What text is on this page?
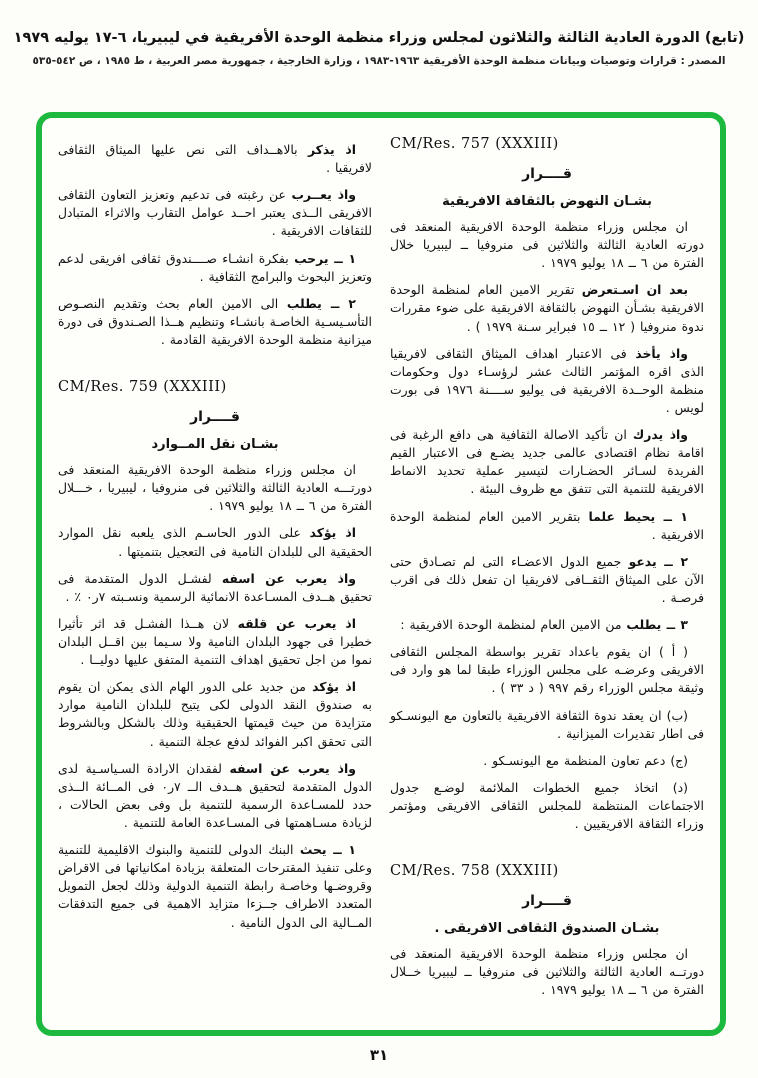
(تابع) الدورة العادية الثالثة والثلاثون لمجلس وزراء منظمة الوحدة الأفريقية في ليبيريا، ٦-١٧ يوليه ١٩٧٩
المصدر : قرارات وتوصيات وبيانات منظمة الوحدة الأفريقية ١٩٦٣-١٩٨٣ ، وزارة الخارجية ، جمهورية مصر العربية ، ط ١٩٨٥ ، ص ٥٤٢-٥٣٥
CM/Res. 757 (XXXIII)
قــــرار
بشـان النهوض بالثقافة الافريقية

ان مجلس وزراء منظمة الوحدة الافريقية المنعقد فى دورته العادية الثالثة والثلاثين فى منروفيا ــ ليبيريا خلال الفترة من ٦ ــ ١٨ يوليو ١٩٧٩ .

بعد ان اسـتعرض تقرير الامين العام لمنظمة الوحدة الافريقية بشـأن النهوض بالثقافة الافريقية على ضوء مقررات ندوة منروفيا ( ١٢ ــ ١٥ فبراير سـنة ١٩٧٩ ) .

واذ يأخذ فى الاعتبار اهداف الميثاق الثقافى لافريقيا الذى اقره المؤتمر الثالث عشر لرؤسـاء دول وحكومات منظمة الوحــدة الافريقية فى يوليو ســــنة ١٩٧٦ فى بورت لويس .

واذ يدرك ان تأكيد الاصالة الثقافية هى دافع الرغبة فى اقامة نظام اقتصادى عالمى جديد يضـع فى الاعتبار القيم الفريدة لسـائر الحضـارات لتيسير عملية تحديد الانماط الافريقية للتنمية التى تتفق مع ظروف البيئة .

١ ــ يحيط علما بتقرير الامين العام لمنظمة الوحدة الافريقية .

٢ ــ يدعو جميع الدول الاعضـاء التى لم تصـادق حتى الآن على الميثاق الثقــافى لافريقيا ان تفعل ذلك فى اقرب فرصـة .

٣ ــ يطلب من الامين العام لمنظمة الوحدة الافريقية :

( أ ) ان يقوم باعداد تقرير بواسطة المجلس الثقافى الافريقى وعرضـه على مجلس الوزراء طبقا لما هو وارد فى وثيقة مجلس الوزراء رقم ٩٩٧ ( د ٣٣ ) .

(ب) ان يعقد ندوة الثقافة الافريقية بالتعاون مع اليونسـكو فى اطار تقديرات الميزانية .

(ج) دعم تعاون المنظمة مع اليونسـكو .

(د) اتخاذ جميع الخطوات الملائمة لوضـع جدول الاجتماعات المنتظمة للمجلس الثقافى الافريقى ومؤتمر وزراء الثقافة الافريقيين .

CM/Res. 758 (XXXIII)
قــــرار
بشـان الصندوق الثقافى الافريقى .

ان مجلس وزراء منظمة الوحدة الافريقية المنعقد فى دورتــه العادية الثالثة والثلاثين فى منروفيا ــ ليبيريا خــلال الفترة من ٦ ــ ١٨ يوليو ١٩٧٩ .

اذ يذكر بالاهــداف التى نص عليها الميثاق الثقافى لافريقيا .

واذ يعــرب عن رغبته فى تدعيم وتعزيز التعاون الثقافى الافريقى الــذى يعتبر احــد عوامل التقارب والاثراء المتبادل للثقافات الافريقية .

١ ــ يرحب بفكرة انشـاء صــــندوق ثقافى افريقى لدعم وتعزيز البحوث والبرامج الثقافية .

٢ ــ يطلب الى الامين العام بحث وتقديم النصـوص التأسـيسـية الخاصـة بانشـاء وتنظيم هــذا الصـندوق فى دورة ميزانية منظمة الوحدة الافريقية القادمة .

CM/Res. 759 (XXXIII)
قــــرار
بشـان نقل المــوارد

ان مجلس وزراء منظمة الوحدة الافريقية المنعقد فى دورتـــه العادية الثالثة والثلاثين فى منروفيا ، ليبيريا ، خـــلال الفترة من ٦ ــ ١٨ يوليو ١٩٧٩ .

اذ يؤكد على الدور الحاسـم الذى يلعبه نقل الموارد الحقيقية الى للبلدان النامية فى التعجيل بتنميتها .

واذ يعرب عن اسفه لفشـل الدول المتقدمة فى تحقيق هــدف المسـاعدة الانمائية الرسمية ونسـبته ٧ر٠ ٪ .

اذ يعرب عن قلقه لان هــذا الفشـل قد اثر تأثيرا خطيرا فى جهود البلدان النامية ولا سـيما بين اقــل البلدان نموا من اجل تحقيق اهداف التنمية المتفق عليها دوليــا .

اذ يؤكد من جديد على الدور الهام الذى يمكن ان يقوم به صندوق النقد الدولى لكى يتيح للبلدان النامية موارد متزايدة من حيث قيمتها الحقيقية وذلك بالشكل وبالشروط التى تحقق اكبر الفوائد لدفع عجلة التنمية .

واذ يعرب عن اسفه لفقدان الارادة السـياسـية لدى الدول المتقدمة لتحقيق هــدف الــ ٧ر٠ فى المــائة الــذى حدد للمسـاعدة الرسمية للتنمية بل وفى بعض الحالات ، لزيادة مسـاهمتها فى المسـاعدة العامة للتنمية .

١ ــ يحث البنك الدولى للتنمية والبنوك الاقليمية للتنمية وعلى تنفيذ المقترحات المتعلقة بزيادة امكانياتها فى الاقراض وقروضـها وخاصـة رابطة التنمية الدولية وذلك لجعل التمويل المتعدد الاطراف جــزءا متزايد الاهمية فى جميع التدفقات المــالية الى الدول النامية .

٣١
